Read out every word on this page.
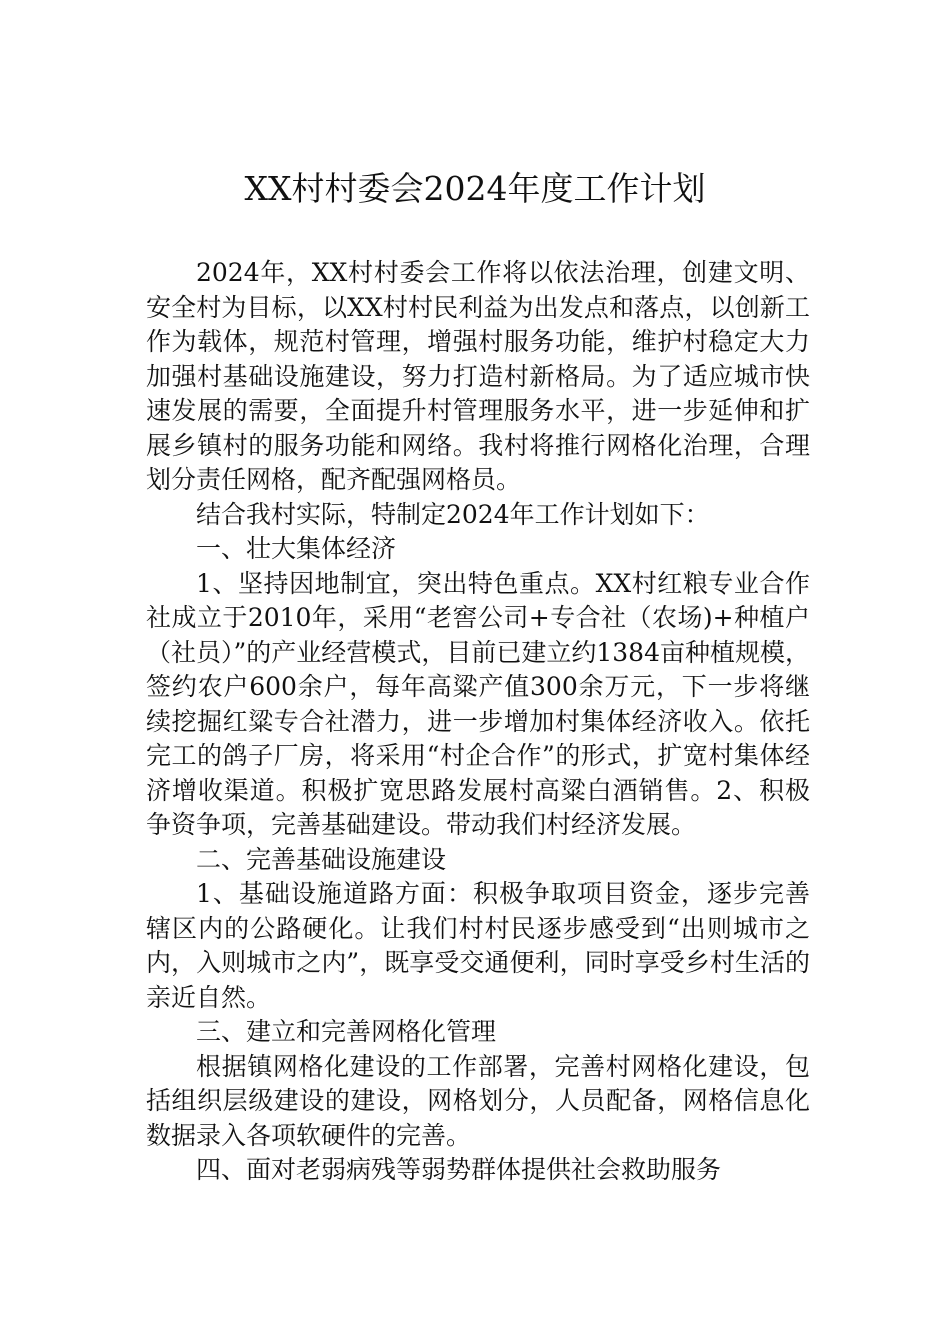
XX村村委会2024年度工作计划

2024年，XX村村委会工作将以依法治理，创建文明、安全村为目标，以XX村村民利益为出发点和落点，以创新工作为载体，规范村管理，增强村服务功能，维护村稳定大力加强村基础设施建设，努力打造村新格局。为了适应城市快速发展的需要，全面提升村管理服务水平，进一步延伸和扩展乡镇村的服务功能和网络。我村将推行网格化治理，合理划分责任网格，配齐配强网格员。

结合我村实际，特制定2024年工作计划如下：

一、壮大集体经济

1、坚持因地制宜，突出特色重点。XX村红粮专业合作社成立于2010年，采用“老窖公司+专合社（农场)+种植户（社员）”的产业经营模式，目前已建立约1384亩种植规模，签约农户600余户，每年高粱产值300余万元，下一步将继续挖掘红粱专合社潜力，进一步增加村集体经济收入。依托完工的鸽子厂房，将采用“村企合作”的形式，扩宽村集体经济增收渠道。积极扩宽思路发展村高粱白酒销售。2、积极争资争项，完善基础建设。带动我们村经济发展。

二、完善基础设施建设

1、基础设施道路方面：积极争取项目资金，逐步完善辖区内的公路硬化。让我们村村民逐步感受到“出则城市之内，入则城市之内”，既享受交通便利，同时享受乡村生活的亲近自然。

三、建立和完善网格化管理

根据镇网格化建设的工作部署，完善村网格化建设，包括组织层级建设的建设，网格划分，人员配备，网格信息化数据录入各项软硬件的完善。

四、面对老弱病残等弱势群体提供社会救助服务
